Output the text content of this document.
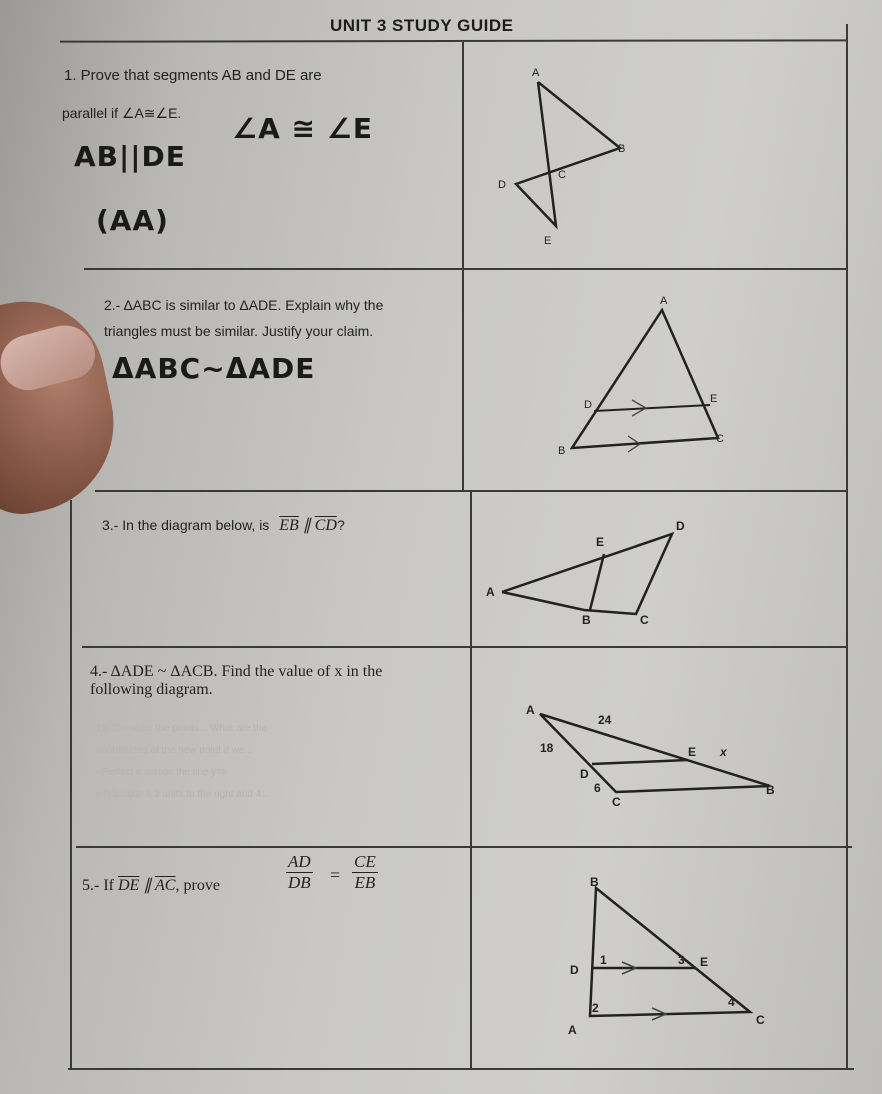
UNIT 3 STUDY GUIDE
1. Prove that segments AB and DE are
parallel if ∠A≅∠E.
AB||DE
∠A ≅ ∠E
(AA)
A
B
C
D
E
2.- ΔABC is similar to ΔADE. Explain why the
triangles must be similar. Justify your claim.
ΔABC~ΔADE
A
D	E
B
C
3.- In the diagram below, is $\overline{EB}$ ∥ $\overline{CD}$?
A
E
D
B	C
4.- ΔADE ~ ΔACB. Find the value of x in the
following diagram.
12. Consider the points... What are the
coordinates of the new point if we...
• Reflect it across the line y=x
• Translate it 3 units to the right and 4...
A
24
18	E x
D
6
C
B
5.- If $\overline{DE}$ ∥ $\overline{AC}$, prove
AD
DB =
CE
EB	B
D
1	3 E
2	4
C
A
